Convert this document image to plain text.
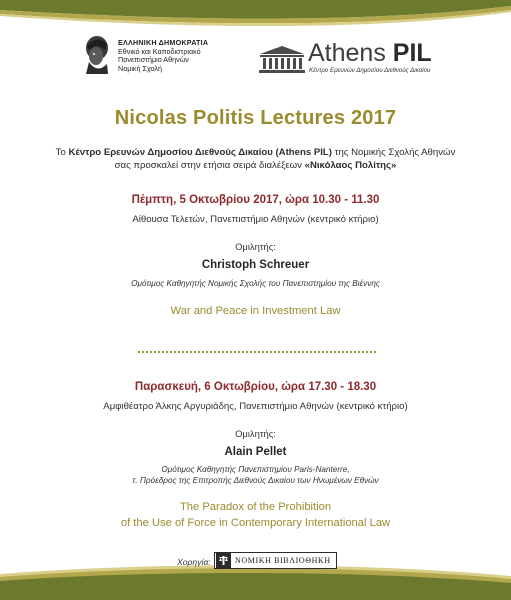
ΕΛΛΗΝΙΚΗ ΔΗΜΟΚΡΑΤΙΑ
Εθνικό και Καποδιστριακό
Πανεπιστήμιο Αθηνών
Νομική Σχολή
Athens PIL
Κέντρο Ερευνών Δημοσίου Διεθνούς Δικαίου
Nicolas Politis Lectures 2017
Το Κέντρο Ερευνών Δημοσίου Διεθνούς Δικαίου (Athens PIL) της Νομικής Σχολής Αθηνών
σας προσκαλεί στην ετήσια σειρά διαλέξεων «Νικόλαος Πολίτης»
Πέμπτη, 5 Οκτωβρίου 2017, ώρα 10.30 - 11.30
Αίθουσα Τελετών, Πανεπιστήμιο Αθηνών (κεντρικό κτήριο)
Ομιλητής:
Christoph Schreuer
Ομότιμος Καθηγητής Νομικής Σχολής του Πανεπιστημίου της Βιέννης
War and Peace in Investment Law
Παρασκευή, 6 Οκτωβρίου, ώρα 17.30 - 18.30
Αμφιθέατρο Άλκης Αργυριάδης, Πανεπιστήμιο Αθηνών (κεντρικό κτήριο)
Ομιλητής:
Alain Pellet
Ομότιμος Καθηγητής Πανεπιστημίου Paris-Nanterre,
τ. Πρόεδρος της Επιτροπής Διεθνούς Δικαίου των Ηνωμένων Εθνών
The Paradox of the Prohibition
of the Use of Force in Contemporary International Law
Χορηγία:	ΝΟΜΙΚΗ ΒΙΒΛΙΟΘΗΚΗ
